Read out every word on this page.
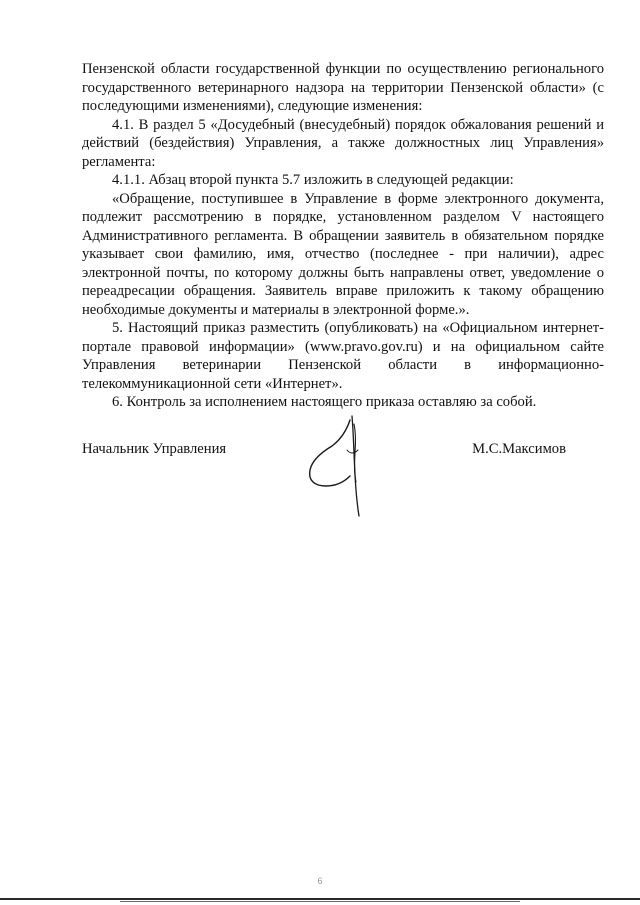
Пензенской области государственной функции по осуществлению регионального государственного ветеринарного надзора на территории Пензенской области» (с последующими изменениями), следующие изменения:

4.1. В раздел 5 «Досудебный (внесудебный) порядок обжалования решений и действий (бездействия) Управления, а также должностных лиц Управления» регламента:

4.1.1. Абзац второй пункта 5.7 изложить в следующей редакции:

«Обращение, поступившее в Управление в форме электронного документа, подлежит рассмотрению в порядке, установленном разделом V настоящего Административного регламента. В обращении заявитель в обязательном порядке указывает свои фамилию, имя, отчество (последнее - при наличии), адрес электронной почты, по которому должны быть направлены ответ, уведомление о переадресации обращения. Заявитель вправе приложить к такому обращению необходимые документы и материалы в электронной форме.».

5. Настоящий приказ разместить (опубликовать) на «Официальном интернет-портале правовой информации» (www.pravo.gov.ru) и на официальном сайте Управления ветеринарии Пензенской области в информационно-телекоммуникационной сети «Интернет».

6. Контроль за исполнением настоящего приказа оставляю за собой.

Начальник Управления	М.С.Максимов
6
